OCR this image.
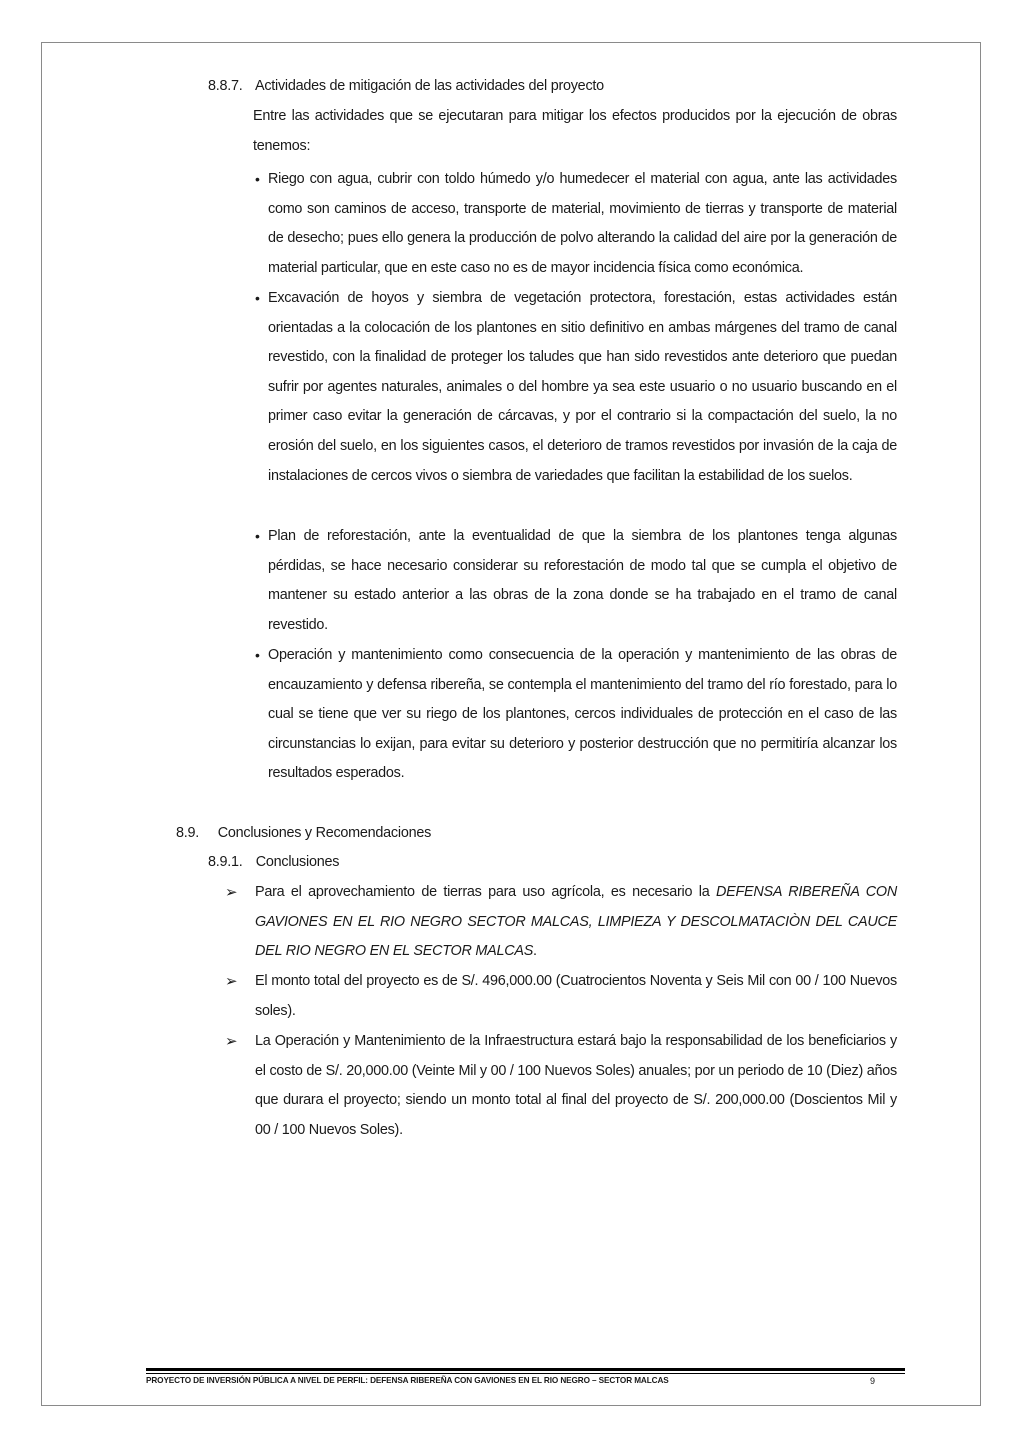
8.8.7. Actividades de mitigación de las actividades del proyecto
Entre las actividades que se ejecutaran para mitigar los efectos producidos por la ejecución de obras tenemos:
• Riego con agua, cubrir con toldo húmedo y/o humedecer el material con agua, ante las actividades como son caminos de acceso, transporte de material, movimiento de tierras y transporte de material de desecho; pues ello genera la producción de polvo alterando la calidad del aire por la generación de material particular, que en este caso no es de mayor incidencia física como económica.
• Excavación de hoyos y siembra de vegetación protectora, forestación, estas actividades están orientadas a la colocación de los plantones en sitio definitivo en ambas márgenes del tramo de canal revestido, con la finalidad de proteger los taludes que han sido revestidos ante deterioro que puedan sufrir por agentes naturales, animales o del hombre ya sea este usuario o no usuario buscando en el primer caso evitar la generación de cárcavas, y por el contrario si la compactación del suelo, la no erosión del suelo, en los siguientes casos, el deterioro de tramos revestidos por invasión de la caja de instalaciones de cercos vivos o siembra de variedades que facilitan la estabilidad de los suelos.
• Plan de reforestación, ante la eventualidad de que la siembra de los plantones tenga algunas pérdidas, se hace necesario considerar su reforestación de modo tal que se cumpla el objetivo de mantener su estado anterior a las obras de la zona donde se ha trabajado en el tramo de canal revestido.
• Operación y mantenimiento como consecuencia de la operación y mantenimiento de las obras de encauzamiento y defensa ribereña, se contempla el mantenimiento del tramo del río forestado, para lo cual se tiene que ver su riego de los plantones, cercos individuales de protección en el caso de las circunstancias lo exijan, para evitar su deterioro y posterior destrucción que no permitiría alcanzar los resultados esperados.
8.9. Conclusiones y Recomendaciones
8.9.1. Conclusiones
➢ Para el aprovechamiento de tierras para uso agrícola, es necesario la DEFENSA RIBEREÑA CON GAVIONES EN EL RIO NEGRO SECTOR MALCAS, LIMPIEZA Y DESCOLMATACIÒN DEL CAUCE DEL RIO NEGRO EN EL SECTOR MALCAS.
➢ El monto total del proyecto es de S/. 496,000.00 (Cuatrocientos Noventa y Seis Mil con 00 / 100 Nuevos soles).
➢ La Operación y Mantenimiento de la Infraestructura estará bajo la responsabilidad de los beneficiarios y el costo de S/. 20,000.00 (Veinte Mil y 00 / 100 Nuevos Soles) anuales; por un periodo de 10 (Diez) años que durara el proyecto; siendo un monto total al final del proyecto de S/. 200,000.00 (Doscientos Mil y 00 / 100 Nuevos Soles).
PROYECTO DE INVERSIÓN PÚBLICA A NIVEL DE PERFIL: DEFENSA RIBEREÑA CON GAVIONES EN EL RIO NEGRO – SECTOR MALCAS	9
